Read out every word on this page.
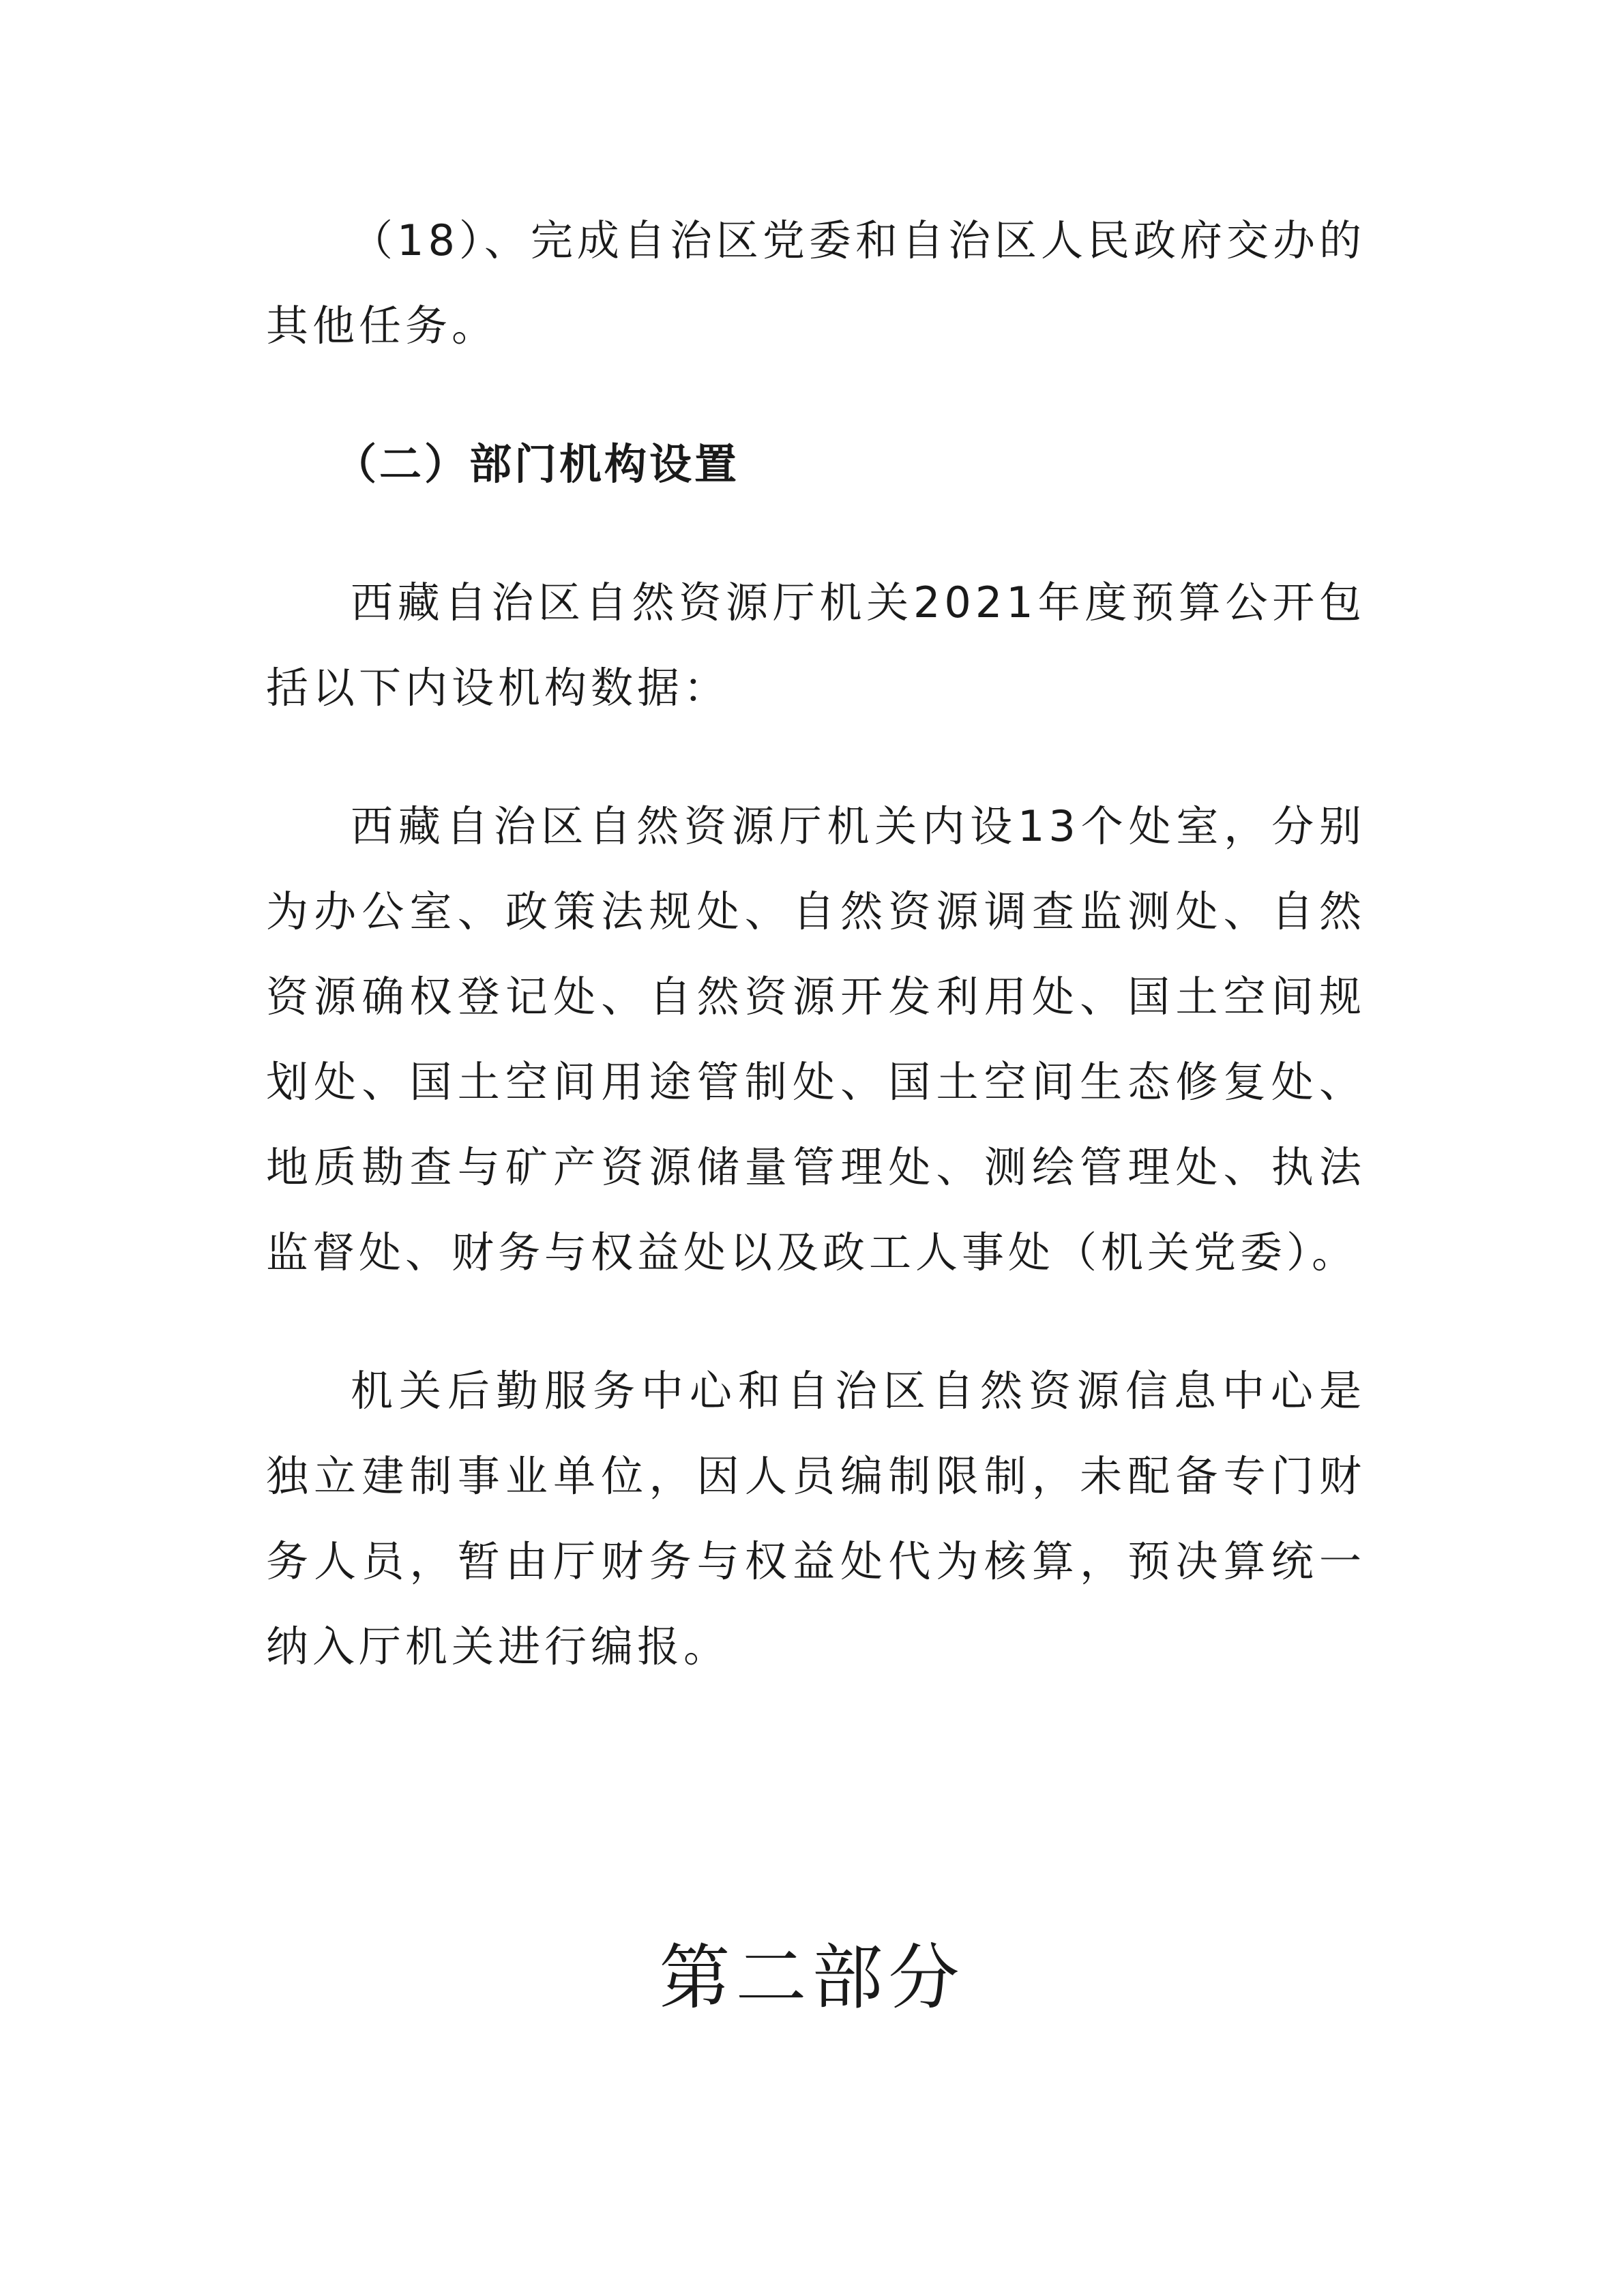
（18）、完成自治区党委和自治区人民政府交办的其他任务。

（二）部门机构设置

西藏自治区自然资源厅机关2021年度预算公开包括以下内设机构数据：

西藏自治区自然资源厅机关内设13个处室，分别为办公室、政策法规处、自然资源调查监测处、自然资源确权登记处、自然资源开发利用处、国土空间规划处、国土空间用途管制处、国土空间生态修复处、地质勘查与矿产资源储量管理处、测绘管理处、执法监督处、财务与权益处以及政工人事处（机关党委）。

机关后勤服务中心和自治区自然资源信息中心是独立建制事业单位，因人员编制限制，未配备专门财务人员，暂由厅财务与权益处代为核算，预决算统一纳入厅机关进行编报。

第二部分
